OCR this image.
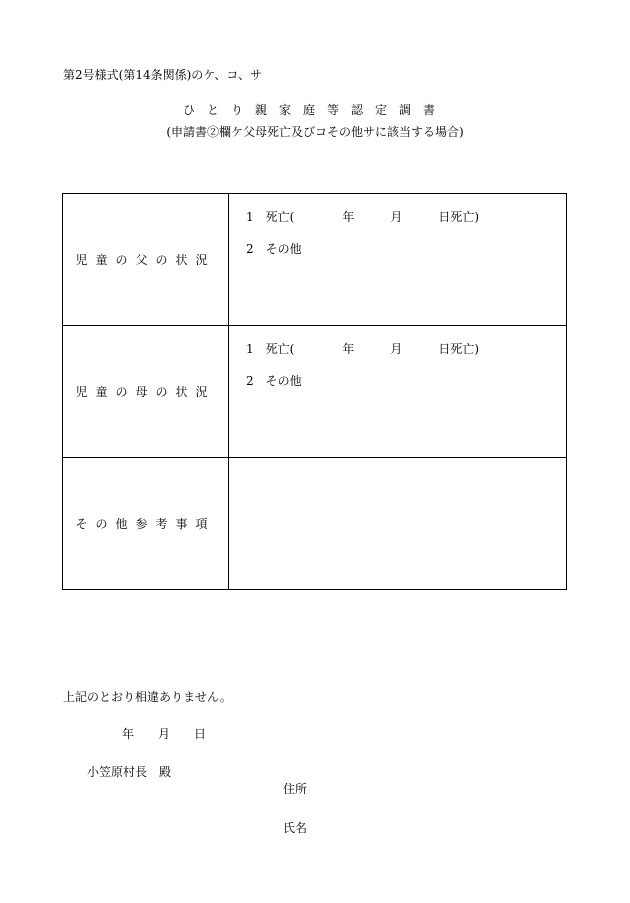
第2号様式(第14条関係)のケ、コ、サ
ひとり親家庭等認定調書
(申請書②欄ケ父母死亡及びコその他サに該当する場合)
児童の父の状況	1　死亡(　　　　年　　　月　　　日死亡)
2　その他

児童の母の状況	1　死亡(　　　　年　　　月　　　日死亡)
2　その他

その他参考事項	
上記のとおり相違ありません。
年　　月　　日
小笠原村長　殿
住所
氏名
